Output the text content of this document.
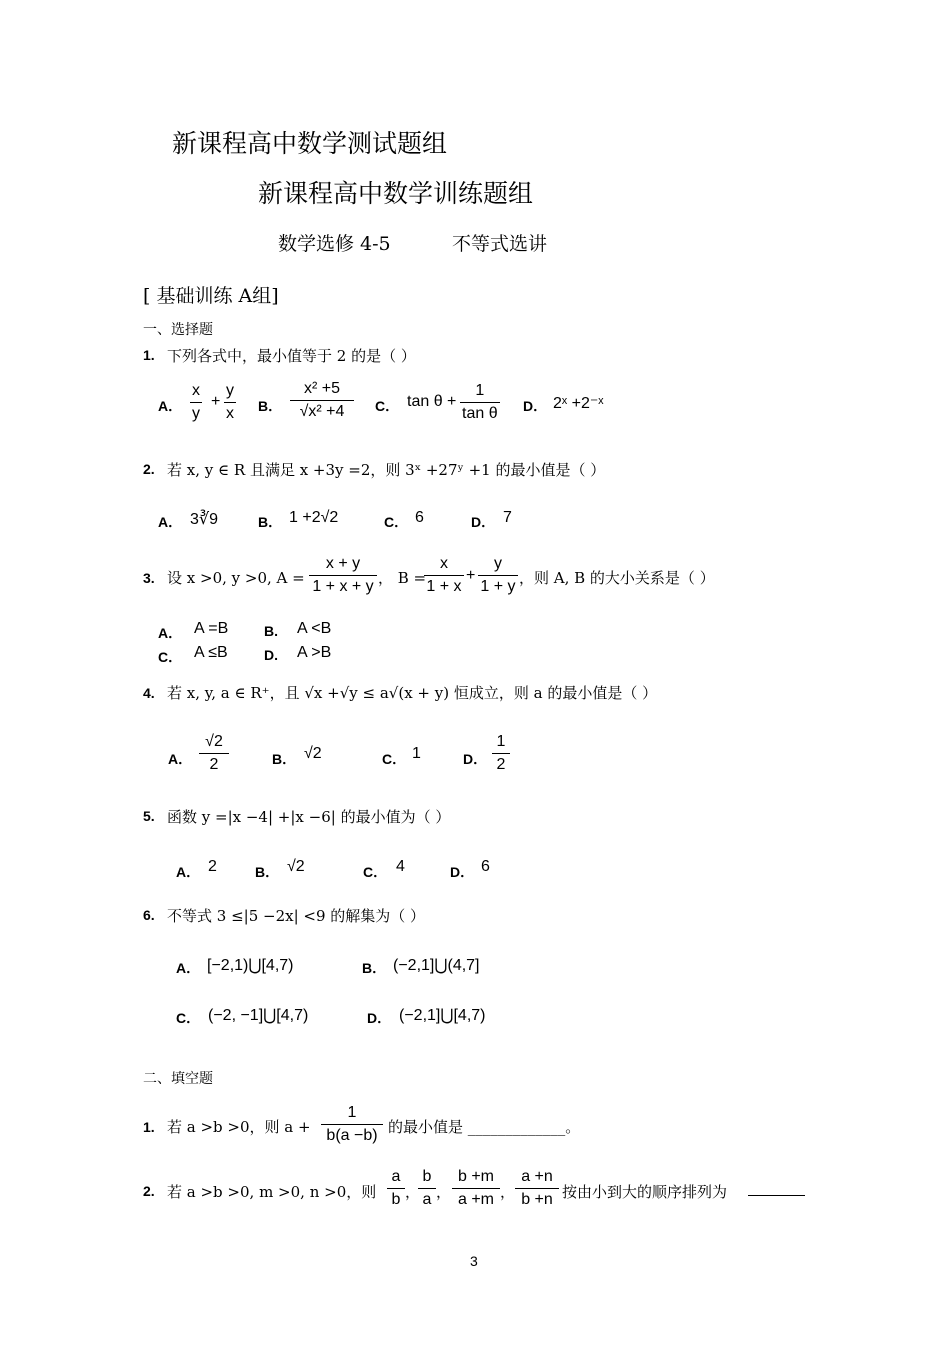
新课程高中数学测试题组
新课程高中数学训练题组
数学选修 4-5	不等式选讲
[ 基础训练 A组]
一、选择题
1. 下列各式中，最小值等于 2 的是（ ）
A．
x
y
+
y
x B．
x² +5
√x² +4	C． tan θ +
1
tan θ D． 2ˣ +2⁻ˣ
2. 若 x, y ∈ R 且满足 x +3y =2，则 3ˣ +27ʸ +1 的最小值是（ ）
A． 3∛9	B． 1 +2√2	C． 6	D． 7
3. 设 x >0, y >0, A =
x + y
1 + x + y ， B =
x
1 + x
+
y
1 + y ，则 A, B 的大小关系是（ ）
A． A =B	B. A <B
C． A ≤B	D. A >B
4. 若 x, y, a ∈ R⁺，且 √x +√y ≤ a√(x + y) 恒成立，则 a 的最小值是（ ）
A．
√2
2	B． √2	C． 1	D．
1
2
5. 函数 y =|x −4| +|x −6| 的最小值为（ ）
A． 2	B． √2	C． 4	D． 6
6. 不等式 3 ≤|5 −2x| <9 的解集为（ ）
A． [−2,1)⋃[4,7)	B． (−2,1]⋃(4,7]
C． (−2, −1]⋃[4,7)	D． (−2,1]⋃[4,7)
二、填空题
1. 若 a >b >0，则 a +
1
b(a −b) 的最小值是 _____________。
2. 若 a >b >0, m >0, n >0，则
a
b ，
b
a ，
b +m
a +m ，
a +n
b +n 按由小到大的顺序排列为
3
